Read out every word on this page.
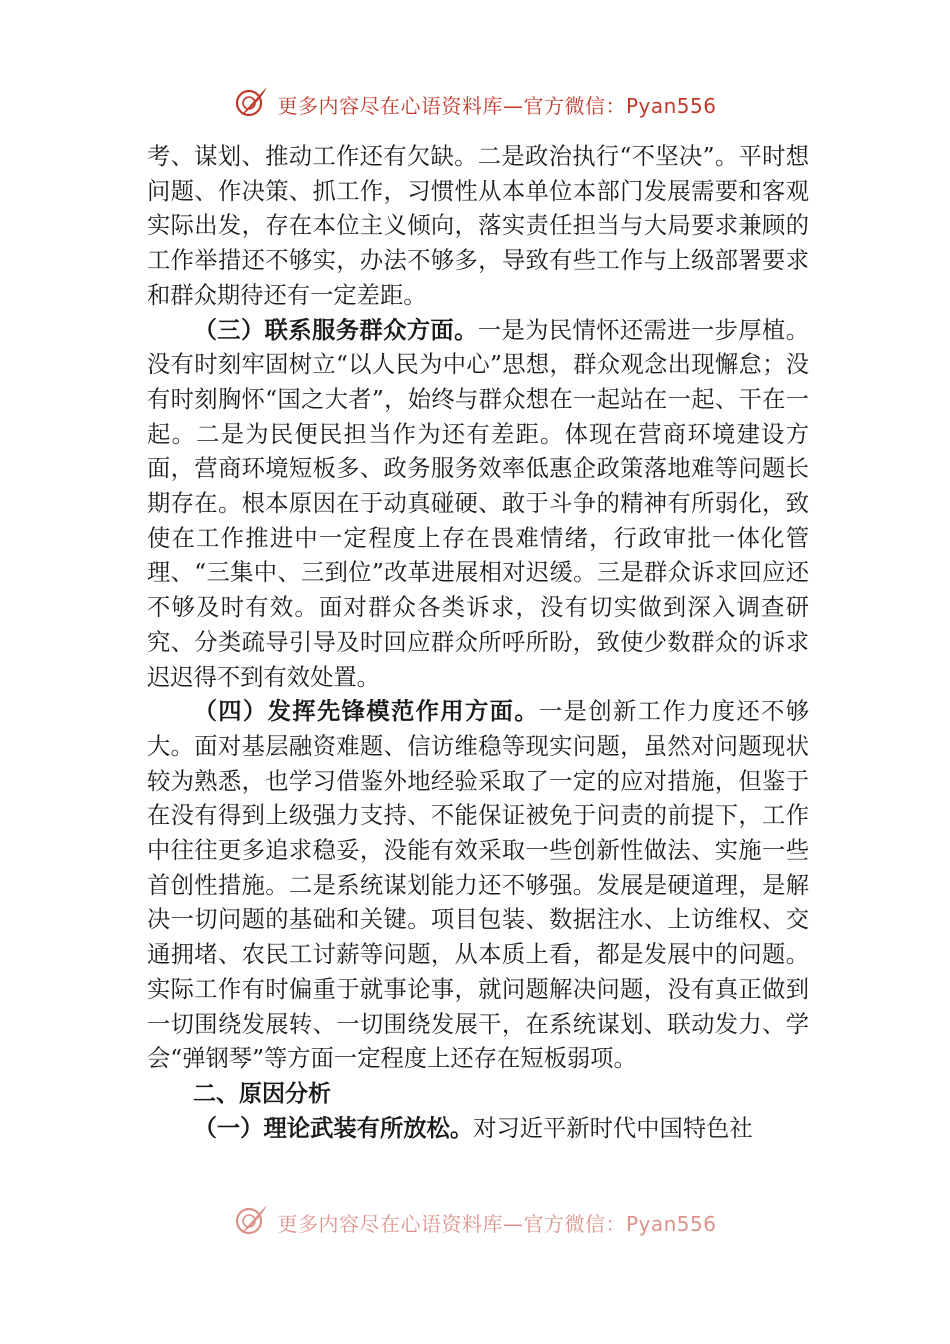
更多内容尽在心语资料库—官方微信：Pyan556

考、谋划、推动工作还有欠缺。二是政治执行“不坚决”。平时想问题、作决策、抓工作，习惯性从本单位本部门发展需要和客观实际出发，存在本位主义倾向，落实责任担当与大局要求兼顾的工作举措还不够实，办法不够多，导致有些工作与上级部署要求和群众期待还有一定差距。

（三）联系服务群众方面。一是为民情怀还需进一步厚植。没有时刻牢固树立“以人民为中心”思想，群众观念出现懈怠；没有时刻胸怀“国之大者”，始终与群众想在一起站在一起、干在一起。二是为民便民担当作为还有差距。体现在营商环境建设方面，营商环境短板多、政务服务效率低惠企政策落地难等问题长期存在。根本原因在于动真碰硬、敢于斗争的精神有所弱化，致使在工作推进中一定程度上存在畏难情绪，行政审批一体化管理、“三集中、三到位”改革进展相对迟缓。三是群众诉求回应还不够及时有效。面对群众各类诉求，没有切实做到深入调查研究、分类疏导引导及时回应群众所呼所盼，致使少数群众的诉求迟迟得不到有效处置。

（四）发挥先锋模范作用方面。一是创新工作力度还不够大。面对基层融资难题、信访维稳等现实问题，虽然对问题现状较为熟悉，也学习借鉴外地经验采取了一定的应对措施，但鉴于在没有得到上级强力支持、不能保证被免于问责的前提下，工作中往往更多追求稳妥，没能有效采取一些创新性做法、实施一些首创性措施。二是系统谋划能力还不够强。发展是硬道理，是解决一切问题的基础和关键。项目包装、数据注水、上访维权、交通拥堵、农民工讨薪等问题，从本质上看，都是发展中的问题。实际工作有时偏重于就事论事，就问题解决问题，没有真正做到一切围绕发展转、一切围绕发展干，在系统谋划、联动发力、学会“弹钢琴”等方面一定程度上还存在短板弱项。

二、原因分析

（一）理论武装有所放松。对习近平新时代中国特色社

更多内容尽在心语资料库—官方微信：Pyan556
